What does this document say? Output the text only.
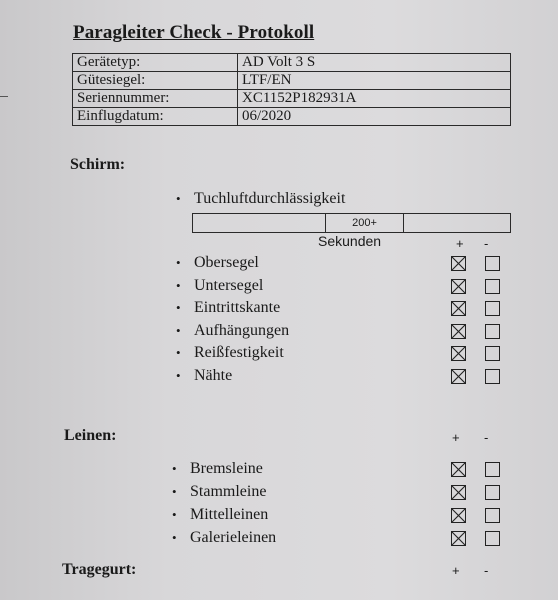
Paragleiter Check - Protokoll
Gerätetyp:	AD Volt 3 S
Gütesiegel:	LTF/EN
Seriennummer:	XC1152P182931A
Einflugdatum:	06/2020
Schirm:
• Tuchluftdurchlässigkeit
200+
Sekunden	+ -
• Obersegel
• Untersegel
• Eintrittskante
• Aufhängungen
• Reißfestigkeit
• Nähte
Leinen:	+ -
• Bremsleine
• Stammleine
• Mittelleinen
• Galerieleinen
Tragegurt:	+ -
